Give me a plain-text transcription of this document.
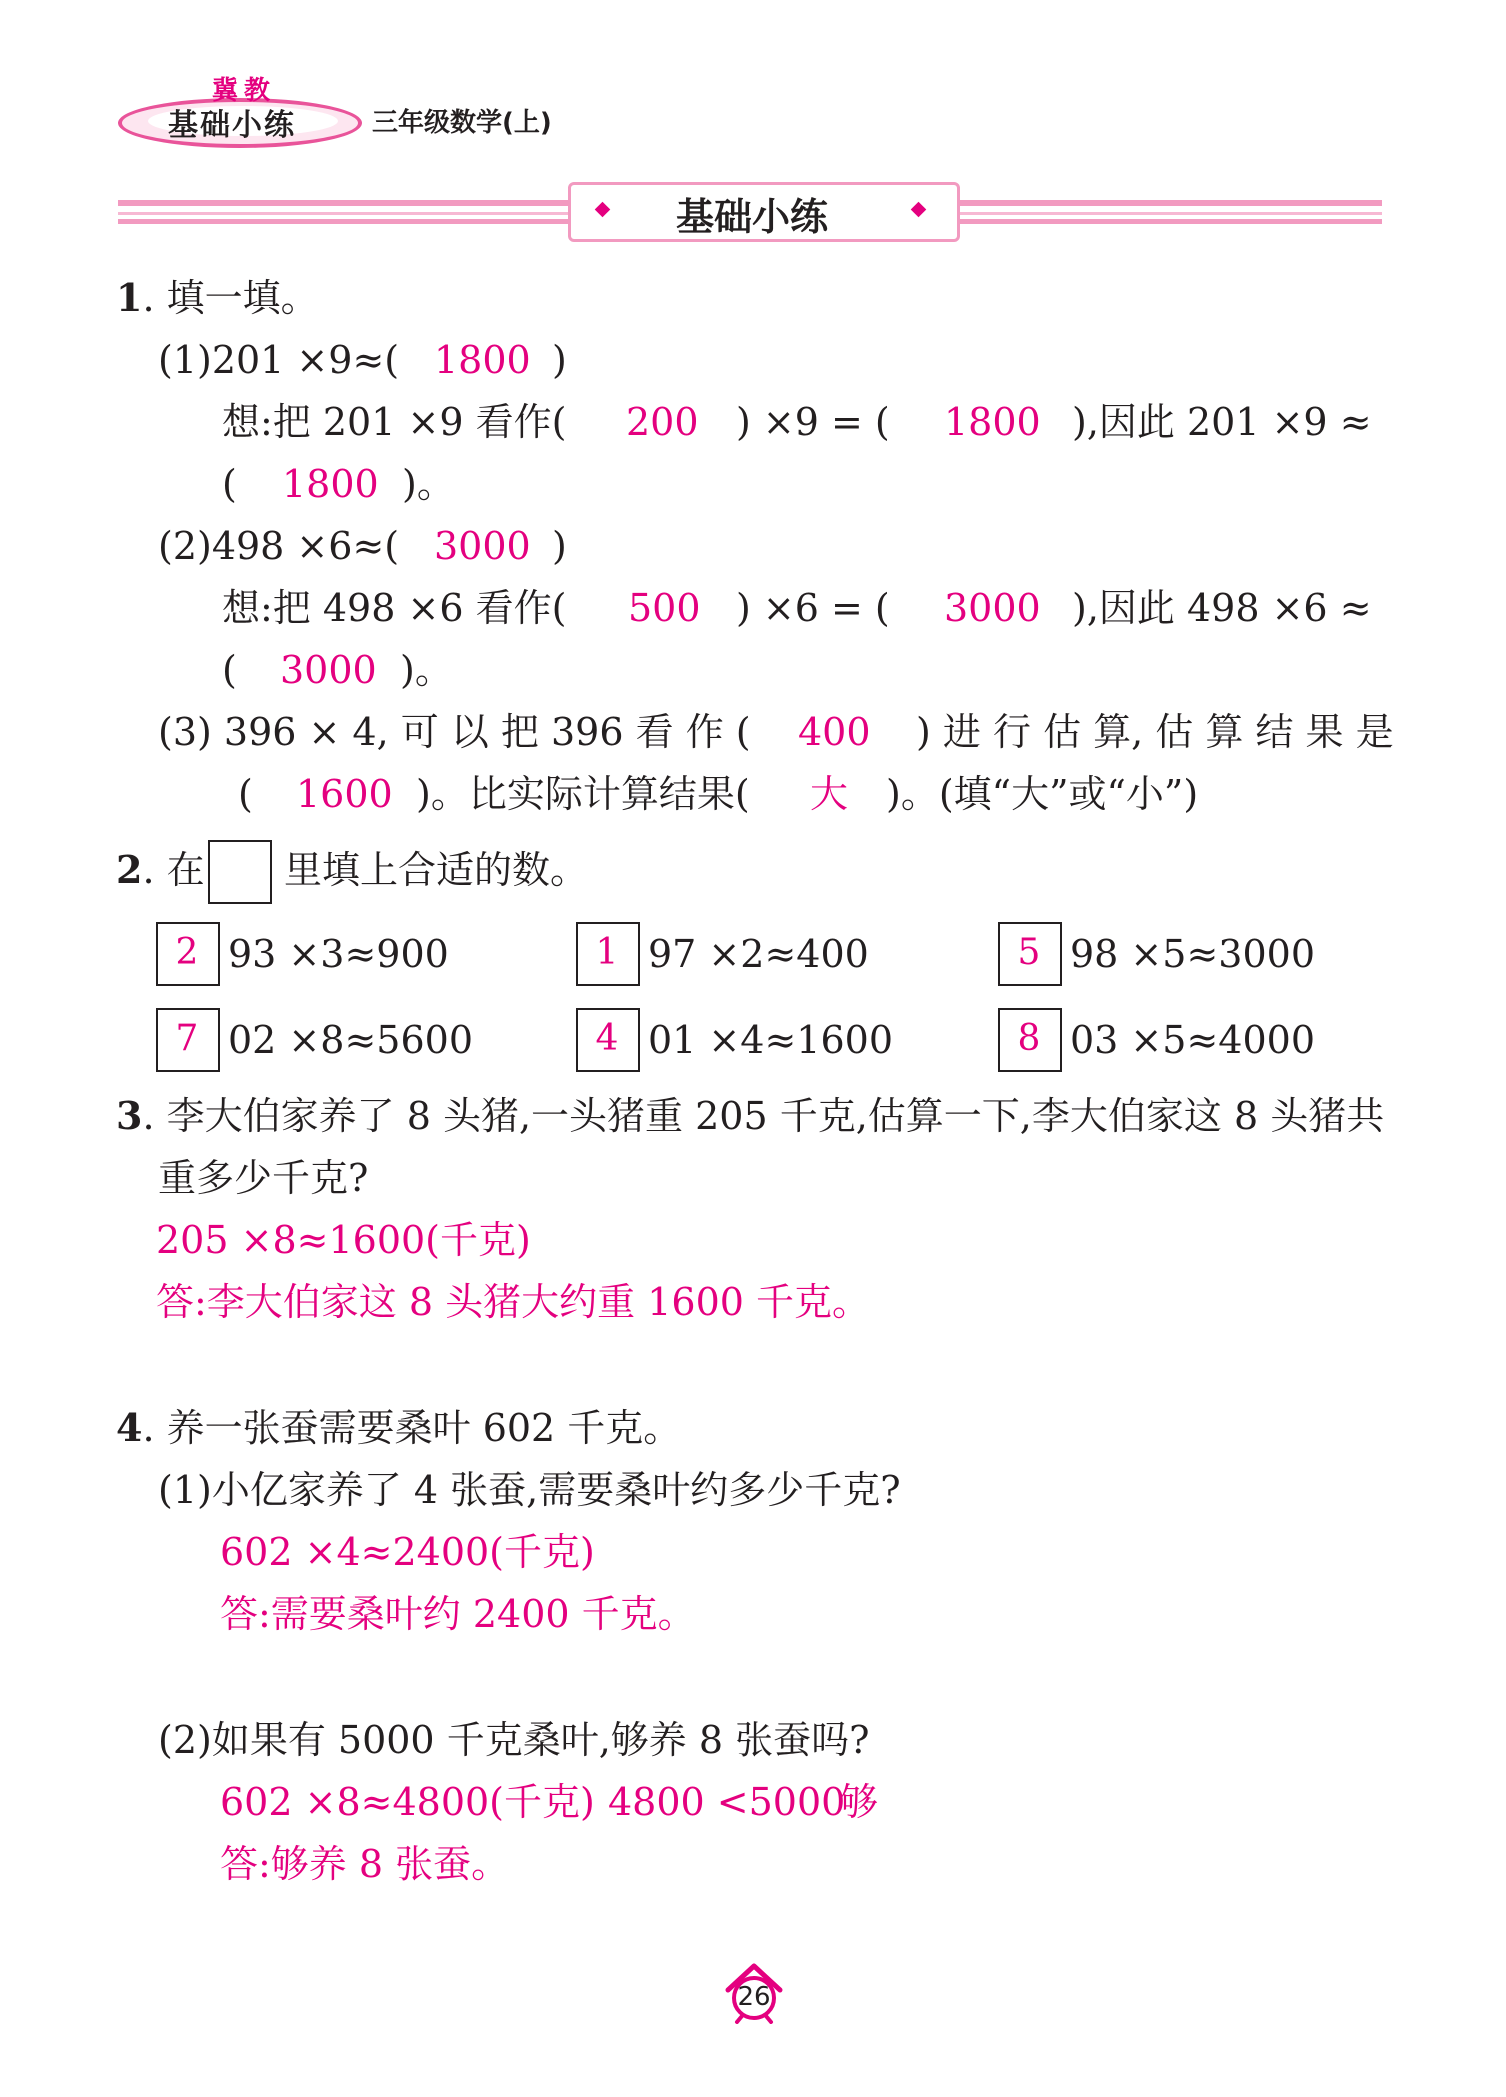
冀教
基础小练	三年级数学(上)
基础小练
1. 填一填。
(1)201 ×9≈( 1800 )
想:把 201 ×9 看作( 200 ) ×9 = ( 1800 ),因此 201 ×9 ≈
( 1800 )。
(2)498 ×6≈( 3000 )
想:把 498 ×6 看作( 500 ) ×6 = ( 3000 ),因此 498 ×6 ≈
( 3000 )。
(3) 396 × 4, 可 以 把 396 看 作 ( 400 ) 进 行 估 算, 估 算 结 果 是
( 1600 )。比实际计算结果( 大 )。(填“大”或“小”)
2. 在 里填上合适的数。
2 93 ×3≈900	1 97 ×2≈400	5 98 ×5≈3000
7 02 ×8≈5600	4 01 ×4≈1600	8 03 ×5≈4000
3. 李大伯家养了 8 头猪,一头猪重 205 千克,估算一下,李大伯家这 8 头猪共
重多少千克?
205 ×8≈1600(千克)
答:李大伯家这 8 头猪大约重 1600 千克。
4. 养一张蚕需要桑叶 602 千克。
(1)小亿家养了 4 张蚕,需要桑叶约多少千克?
602 ×4≈2400(千克)
答:需要桑叶约 2400 千克。
(2)如果有 5000 千克桑叶,够养 8 张蚕吗?
602 ×8≈4800(千克) 4800 <5000
够
答:够养 8 张蚕。
26
